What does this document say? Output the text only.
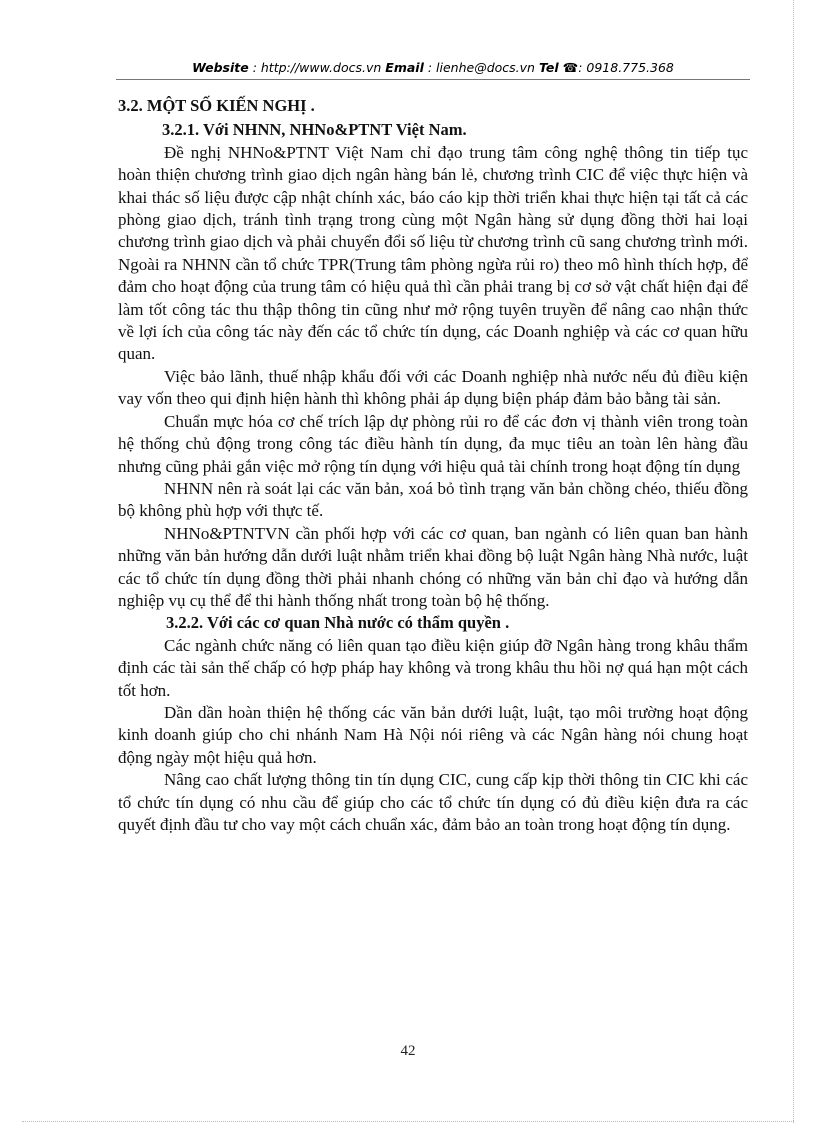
Website : http://www.docs.vn Email : lienhe@docs.vn Tel ☎: 0918.775.368
3.2. MỘT SỐ KIẾN NGHỊ .
3.2.1. Với NHNN, NHNo&PTNT Việt Nam.

Đề nghị NHNo&PTNT Việt Nam chỉ đạo trung tâm công nghệ thông tin tiếp tục hoàn thiện chương trình giao dịch ngân hàng bán lẻ, chương trình CIC để việc thực hiện và khai thác số liệu được cập nhật chính xác, báo cáo kịp thời triển khai thực hiện tại tất cả các phòng giao dịch, tránh tình trạng trong cùng một Ngân hàng sử dụng đồng thời hai loại chương trình giao dịch và phải chuyển đổi số liệu từ chương trình cũ sang chương trình mới. Ngoài ra NHNN cần tổ chức TPR(Trung tâm phòng ngừa rủi ro) theo mô hình thích hợp, để đảm cho hoạt động của trung tâm có hiệu quả thì cần phải trang bị cơ sở vật chất hiện đại để làm tốt công tác thu thập thông tin cũng như mở rộng tuyên truyền để nâng cao nhận thức về lợi ích của công tác này đến các tổ chức tín dụng, các Doanh nghiệp và các cơ quan hữu quan.

Việc bảo lãnh, thuế nhập khẩu đối với các Doanh nghiệp nhà nước nếu đủ điều kiện vay vốn theo qui định hiện hành thì không phải áp dụng biện pháp đảm bảo bằng tài sản.

Chuẩn mực hóa cơ chế trích lập dự phòng rủi ro để các đơn vị thành viên trong toàn hệ thống chủ động trong công tác điều hành tín dụng, đa mục tiêu an toàn lên hàng đầu nhưng cũng phải gắn việc mở rộng tín dụng với hiệu quả tài chính trong hoạt động tín dụng

NHNN nên rà soát lại các văn bản, xoá bỏ tình trạng văn bản chồng chéo, thiếu đồng bộ không phù hợp với thực tế.

NHNo&PTNTVN cần phối hợp với các cơ quan, ban ngành có liên quan ban hành những văn bản hướng dẫn dưới luật nhằm triển khai đồng bộ luật Ngân hàng Nhà nước, luật các tổ chức tín dụng đồng thời phải nhanh chóng có những văn bản chỉ đạo và hướng dẫn nghiệp vụ cụ thể để thi hành thống nhất trong toàn bộ hệ thống.

3.2.2. Với các cơ quan Nhà nước có thẩm quyền .

Các ngành chức năng có liên quan tạo điều kiện giúp đỡ Ngân hàng trong khâu thẩm định các tài sản thế chấp có hợp pháp hay không và trong khâu thu hồi nợ quá hạn một cách tốt hơn.

Dần dần hoàn thiện hệ thống các văn bản dưới luật, luật, tạo môi trường hoạt động kinh doanh giúp cho chi nhánh Nam Hà Nội nói riêng và các Ngân hàng nói chung hoạt động ngày một hiệu quả hơn.

Nâng cao chất lượng thông tin tín dụng CIC, cung cấp kịp thời thông tin CIC khi các tổ chức tín dụng có nhu cầu để giúp cho các tổ chức tín dụng có đủ điều kiện đưa ra các quyết định đầu tư cho vay một cách chuẩn xác, đảm bảo an toàn trong hoạt động tín dụng.

42
